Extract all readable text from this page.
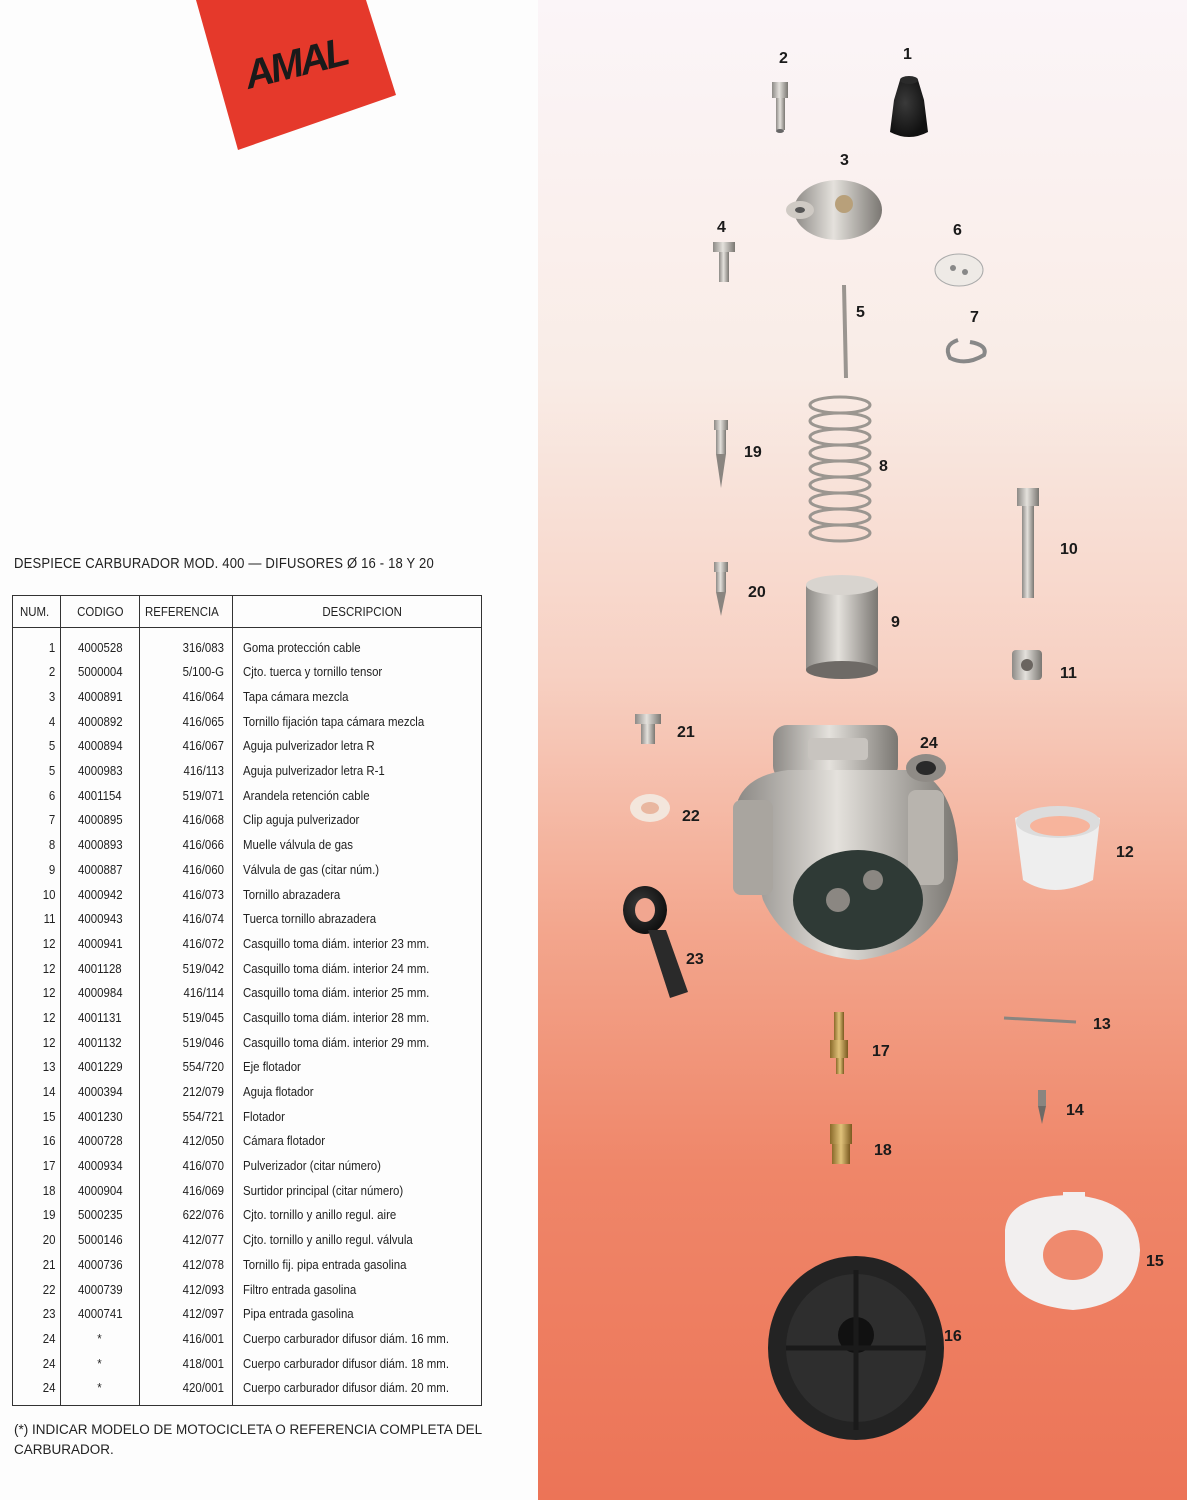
AMAL
DESPIECE CARBURADOR MOD. 400 — DIFUSORES Ø 16 - 18 Y 20
NUM.	CODIGO	REFERENCIA	DESCRIPCION
1	4000528	316/083	Goma protección cable
2	5000004	5/100-G	Cjto. tuerca y tornillo tensor
3	4000891	416/064	Tapa cámara mezcla
4	4000892	416/065	Tornillo fijación tapa cámara mezcla
5	4000894	416/067	Aguja pulverizador letra R
5	4000983	416/113	Aguja pulverizador letra R-1
6	4001154	519/071	Arandela retención cable
7	4000895	416/068	Clip aguja pulverizador
8	4000893	416/066	Muelle válvula de gas
9	4000887	416/060	Válvula de gas (citar núm.)
10	4000942	416/073	Tornillo abrazadera
11	4000943	416/074	Tuerca tornillo abrazadera
12	4000941	416/072	Casquillo toma diám. interior 23 mm.
12	4001128	519/042	Casquillo toma diám. interior 24 mm.
12	4000984	416/114	Casquillo toma diám. interior 25 mm.
12	4001131	519/045	Casquillo toma diám. interior 28 mm.
12	4001132	519/046	Casquillo toma diám. interior 29 mm.
13	4001229	554/720	Eje flotador
14	4000394	212/079	Aguja flotador
15	4001230	554/721	Flotador
16	4000728	412/050	Cámara flotador
17	4000934	416/070	Pulverizador (citar número)
18	4000904	416/069	Surtidor principal (citar número)
19	5000235	622/076	Cjto. tornillo y anillo regul. aire
20	5000146	412/077	Cjto. tornillo y anillo regul. válvula
21	4000736	412/078	Tornillo fij. pipa entrada gasolina
22	4000739	412/093	Filtro entrada gasolina
23	4000741	412/097	Pipa entrada gasolina
24	*	416/001	Cuerpo carburador difusor diám. 16 mm.
24	*	418/001	Cuerpo carburador difusor diám. 18 mm.
24	*	420/001	Cuerpo carburador difusor diám. 20 mm.
(*) INDICAR MODELO DE MOTOCICLETA O REFERENCIA COMPLETA DEL CARBURADOR.
1
2
3
4
5
6
7
8
9
10
11
12
13
14
15
16
17
18
19
20
21
22
23
24
